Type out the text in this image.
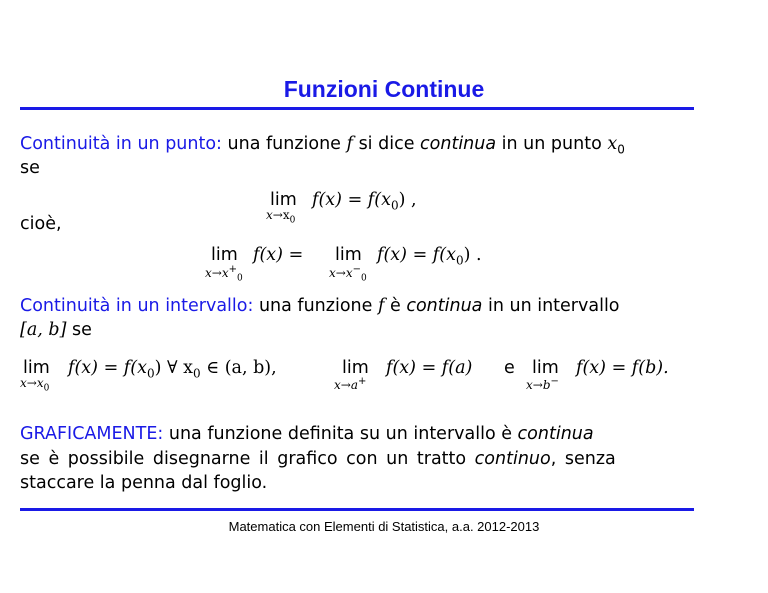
Funzioni Continue
Continuità in un punto: una funzione f si dice continua in un punto $x_0$
se
lim
$x\to x_0$
$f(x) = f(x_0)$ ,
cioè,
lim
$x\to x^+_0$
f(x) = lim
$x\to x^-_0$
$f(x) = f(x_0)$ .
Continuità in un intervallo: una funzione f è continua in un intervallo
[a, b] se
lim
$x\to x_0$
$f(x) = f(x_0)$ ∀ $x_0$ ∈ (a, b),	lim
x→a+
f(x) = f(a) e lim
x→b−
f(x) = f(b).
GRAFICAMENTE: una funzione definita su un intervallo è continua
se è possibile disegnarne il grafico con un tratto continuo, senza
staccare la penna dal foglio.
Matematica con Elementi di Statistica, a.a. 2012-2013
